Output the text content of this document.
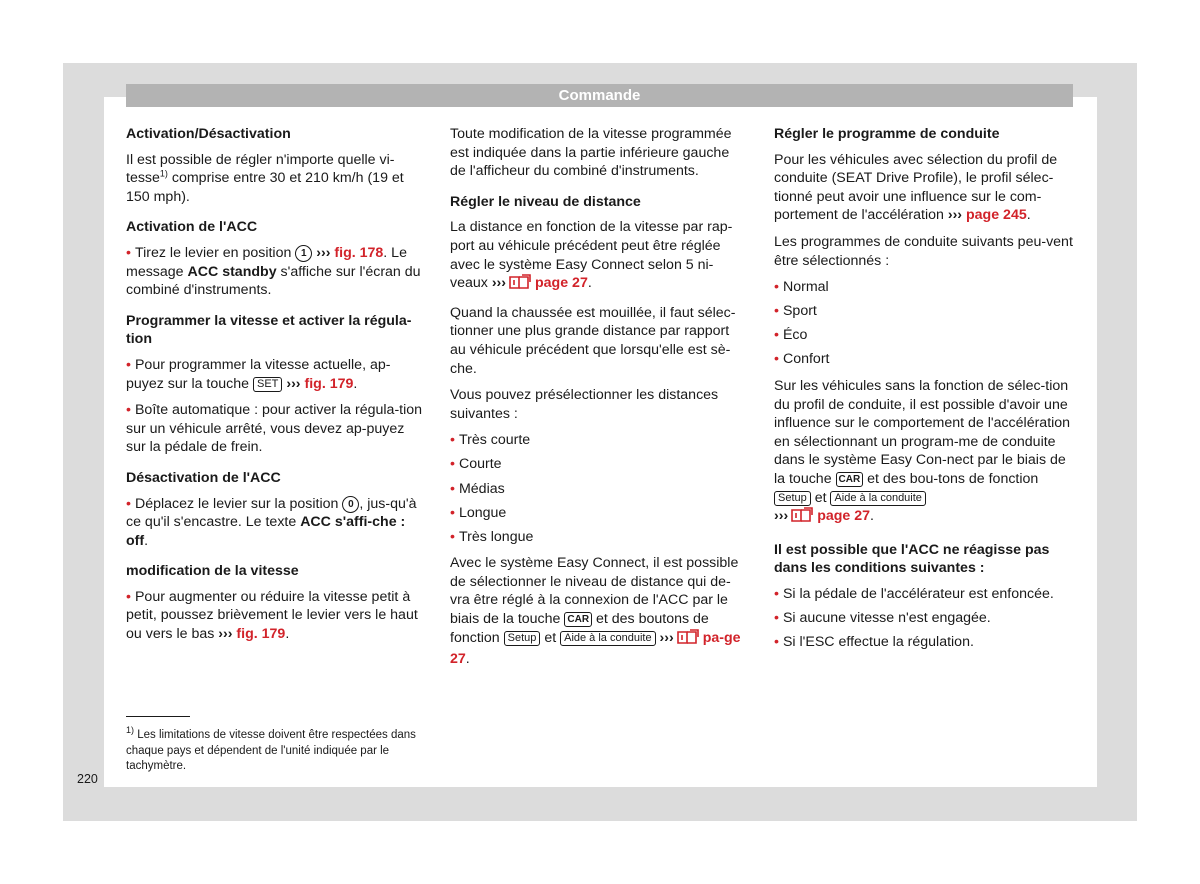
Commande
Activation/Désactivation

Il est possible de régler n'importe quelle vi-tesse$^{1)}$ comprise entre 30 et 210 km/h (19 et 150 mph).

Activation de l'ACC

• Tirez le levier en position 1 ››› fig. 178. Le message ACC standby s'affiche sur l'écran du combiné d'instruments.

Programmer la vitesse et activer la régula-tion

• Pour programmer la vitesse actuelle, ap-puyez sur la touche SET ››› fig. 179.

• Boîte automatique : pour activer la régula-tion sur un véhicule arrêté, vous devez ap-puyez sur la pédale de frein.

Désactivation de l'ACC

• Déplacez le levier sur la position 0 , jus-qu'à ce qu'il s'encastre. Le texte ACC s'affi-che : off.

modification de la vitesse

• Pour augmenter ou réduire la vitesse petit à petit, poussez brièvement le levier vers le haut ou vers le bas ››› fig. 179.

Toute modification de la vitesse programmée est indiquée dans la partie inférieure gauche de l'afficheur du combiné d'instruments.

Régler le niveau de distance

La distance en fonction de la vitesse par rap-port au véhicule précédent peut être réglée avec le système Easy Connect selon 5 ni-veaux ››› page 27.

Quand la chaussée est mouillée, il faut sélec-tionner une plus grande distance par rapport au véhicule précédent que lorsqu'elle est sè-che.

Vous pouvez présélectionner les distances suivantes :

• Très courte
• Courte
• Médias
• Longue
• Très longue

Avec le système Easy Connect, il est possible de sélectionner le niveau de distance qui de-vra être réglé à la connexion de l'ACC par le biais de la touche CAR et des boutons de fonction Setup et Aide à la conduite ››› pa-ge 27.

Régler le programme de conduite

Pour les véhicules avec sélection du profil de conduite (SEAT Drive Profile), le profil sélec-tionné peut avoir une influence sur le com-portement de l'accélération ››› page 245.

Les programmes de conduite suivants peu-vent être sélectionnés :

• Normal
• Sport
• Éco
• Confort

Sur les véhicules sans la fonction de sélec-tion du profil de conduite, il est possible d'avoir une influence sur le comportement de l'accélération en sélectionnant un program-me de conduite dans le système Easy Con-nect par le biais de la touche CAR et des bou-tons de fonction Setup et Aide à la conduite
››› page 27.

Il est possible que l'ACC ne réagisse pas dans les conditions suivantes :
• Si la pédale de l'accélérateur est enfoncée.
• Si aucune vitesse n'est engagée.
• Si l'ESC effectue la régulation.
$^{1)}$ Les limitations de vitesse doivent être respectées dans chaque pays et dépendent de l'unité indiquée par le tachymètre.
220
